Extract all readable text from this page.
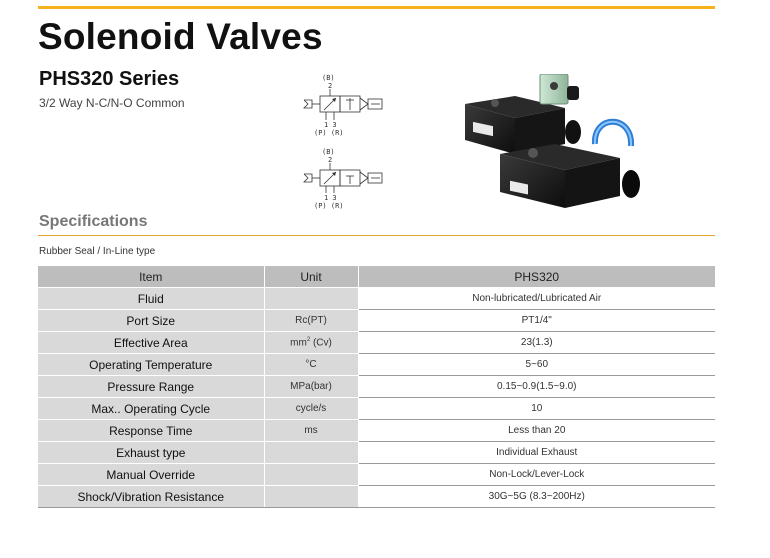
Solenoid Valves
PHS320 Series

3/2 Way N-C/N-O Common

(B)
2
1 3
(P) (R)
(B)
2
1 3
(P) (R)
Specifications

Rubber Seal / In-Line type

Item	Unit	PHS320
Fluid		Non-lubricated/Lubricated Air
Port Size	Rc(PT)	PT1/4"
Effective Area	$mm^2$ (Cv)	23(1.3)
Operating Temperature	°C	5~60
Pressure Range	MPa(bar)	0.15~0.9(1.5~9.0)
Max.. Operating Cycle	cycle/s	10
Response Time	ms	Less than 20
Exhaust type		Individual Exhaust
Manual Override		Non-Lock/Lever-Lock
Shock/Vibration Resistance		30G~5G (8.3~200Hz)
